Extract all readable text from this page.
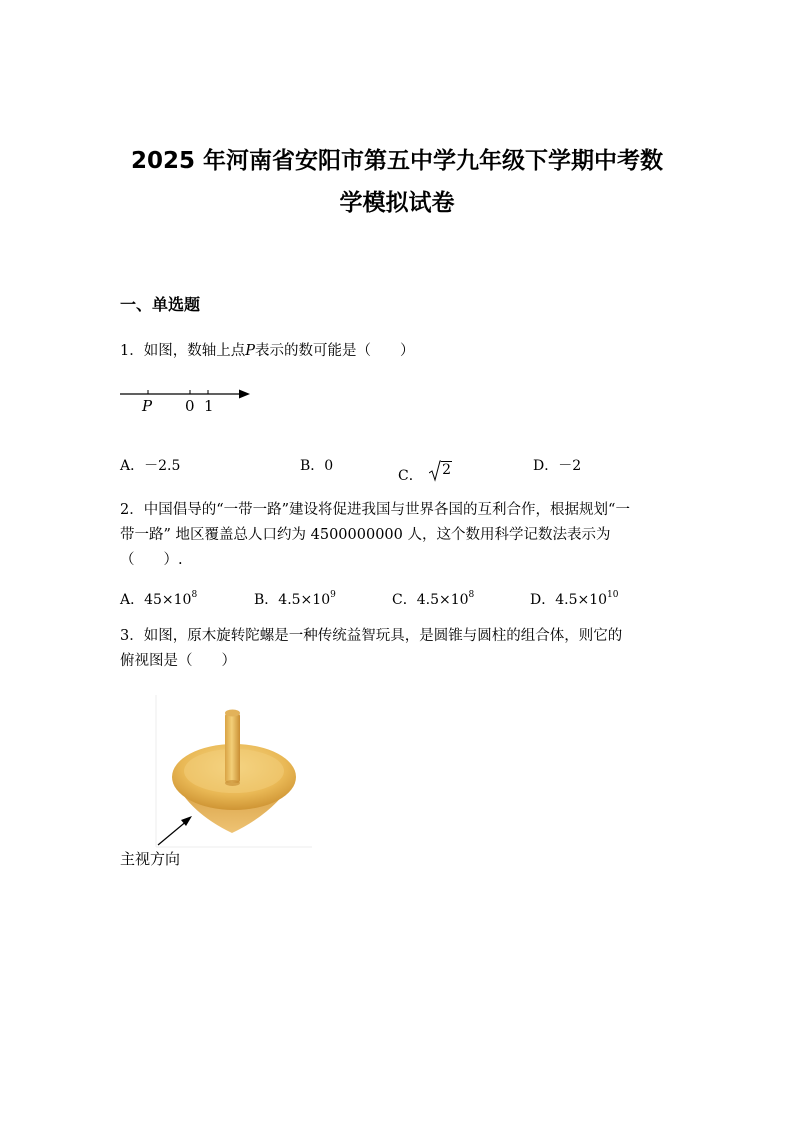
2025 年河南省安阳市第五中学九年级下学期中考数
学模拟试卷
一、单选题
1．如图，数轴上点P表示的数可能是（　　）
P 0 1
A．－2.5	B．0
C． 2	D．－2
2．中国倡导的“一带一路”建设将促进我国与世界各国的互利合作，根据规划“一
带一路” 地区覆盖总人口约为 4500000000 人，这个数用科学记数法表示为
（　　）.
A．$45\times 10^8$	B．$4.5\times 10^9$	C．$4.5\times 10^8$	D．$4.5\times 10^{10}$
3．如图，原木旋转陀螺是一种传统益智玩具，是圆锥与圆柱的组合体，则它的
俯视图是（　　）
主视方向
